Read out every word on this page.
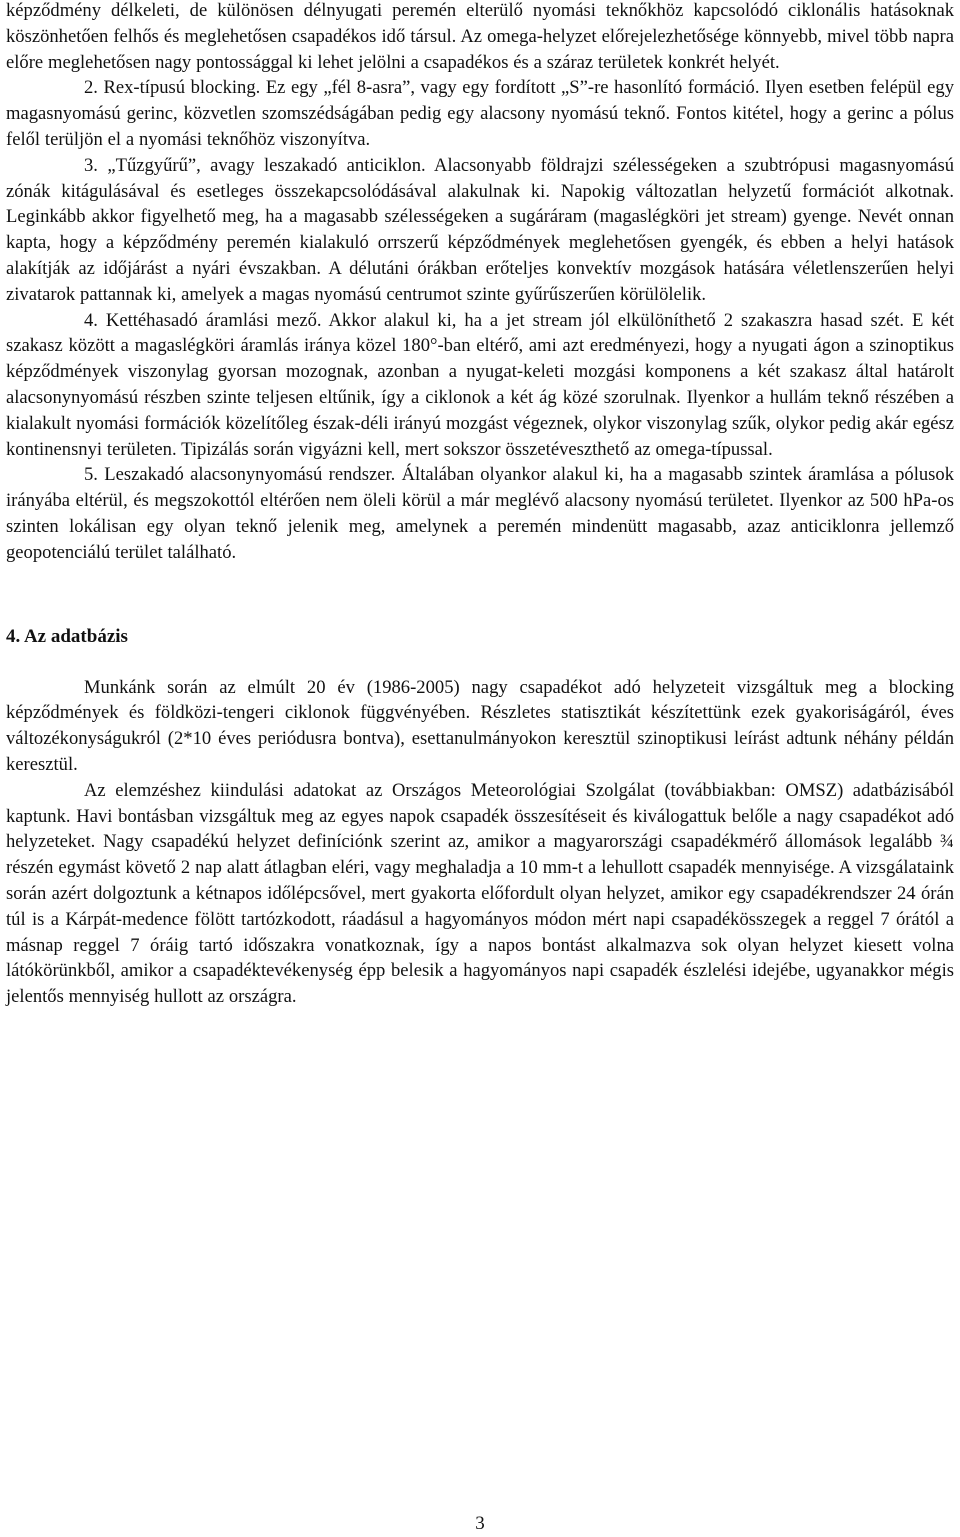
képződmény délkeleti, de különösen délnyugati peremén elterülő nyomási teknőkhöz kapcsolódó ciklonális hatásoknak köszönhetően felhős és meglehetősen csapadékos idő társul. Az omega-helyzet előrejelezhetősége könnyebb, mivel több napra előre meglehetősen nagy pontossággal ki lehet jelölni a csapadékos és a száraz területek konkrét helyét.

2. Rex-típusú blocking. Ez egy „fél 8-asra”, vagy egy fordított „S”-re hasonlító formáció. Ilyen esetben felépül egy magasnyomású gerinc, közvetlen szomszédságában pedig egy alacsony nyomású teknő. Fontos kitétel, hogy a gerinc a pólus felől terüljön el a nyomási teknőhöz viszonyítva.

3. „Tűzgyűrű”, avagy leszakadó anticiklon. Alacsonyabb földrajzi szélességeken a szubtrópusi magasnyomású zónák kitágulásával és esetleges összekapcsolódásával alakulnak ki. Napokig változatlan helyzetű formációt alkotnak. Leginkább akkor figyelhető meg, ha a magasabb szélességeken a sugáráram (magaslégköri jet stream) gyenge. Nevét onnan kapta, hogy a képződmény peremén kialakuló orrszerű képződmények meglehetősen gyengék, és ebben a helyi hatások alakítják az időjárást a nyári évszakban. A délutáni órákban erőteljes konvektív mozgások hatására véletlenszerűen helyi zivatarok pattannak ki, amelyek a magas nyomású centrumot szinte gyűrűszerűen körülölelik.

4. Kettéhasadó áramlási mező. Akkor alakul ki, ha a jet stream jól elkülöníthető 2 szakaszra hasad szét. E két szakasz között a magaslégköri áramlás iránya közel 180°-ban eltérő, ami azt eredményezi, hogy a nyugati ágon a szinoptikus képződmények viszonylag gyorsan mozognak, azonban a nyugat-keleti mozgási komponens a két szakasz által határolt alacsonynyomású részben szinte teljesen eltűnik, így a ciklonok a két ág közé szorulnak. Ilyenkor a hullám teknő részében a kialakult nyomási formációk közelítőleg észak-déli irányú mozgást végeznek, olykor viszonylag szűk, olykor pedig akár egész kontinensnyi területen. Tipizálás során vigyázni kell, mert sokszor összetéveszthető az omega-típussal.

5. Leszakadó alacsonynyomású rendszer. Általában olyankor alakul ki, ha a magasabb szintek áramlása a pólusok irányába eltérül, és megszokottól eltérően nem öleli körül a már meglévő alacsony nyomású területet. Ilyenkor az 500 hPa-os szinten lokálisan egy olyan teknő jelenik meg, amelynek a peremén mindenütt magasabb, azaz anticiklonra jellemző geopotenciálú terület található.

4. Az adatbázis

Munkánk során az elmúlt 20 év (1986-2005) nagy csapadékot adó helyzeteit vizsgáltuk meg a blocking képződmények és földközi-tengeri ciklonok függvényében. Részletes statisztikát készítettünk ezek gyakoriságáról, éves változékonyságukról (2*10 éves periódusra bontva), esettanulmányokon keresztül szinoptikusi leírást adtunk néhány példán keresztül.

Az elemzéshez kiindulási adatokat az Országos Meteorológiai Szolgálat (továbbiakban: OMSZ) adatbázisából kaptunk. Havi bontásban vizsgáltuk meg az egyes napok csapadék összesítéseit és kiválogattuk belőle a nagy csapadékot adó helyzeteket. Nagy csapadékú helyzet definíciónk szerint az, amikor a magyarországi csapadékmérő állomások legalább ¾ részén egymást követő 2 nap alatt átlagban eléri, vagy meghaladja a 10 mm-t a lehullott csapadék mennyisége. A vizsgálataink során azért dolgoztunk a kétnapos időlépcsővel, mert gyakorta előfordult olyan helyzet, amikor egy csapadékrendszer 24 órán túl is a Kárpát-medence fölött tartózkodott, ráadásul a hagyományos módon mért napi csapadékösszegek a reggel 7 órától a másnap reggel 7 óráig tartó időszakra vonatkoznak, így a napos bontást alkalmazva sok olyan helyzet kiesett volna látókörünkből, amikor a csapadéktevékenység épp belesik a hagyományos napi csapadék észlelési idejébe, ugyanakkor mégis jelentős mennyiség hullott az országra.

3
